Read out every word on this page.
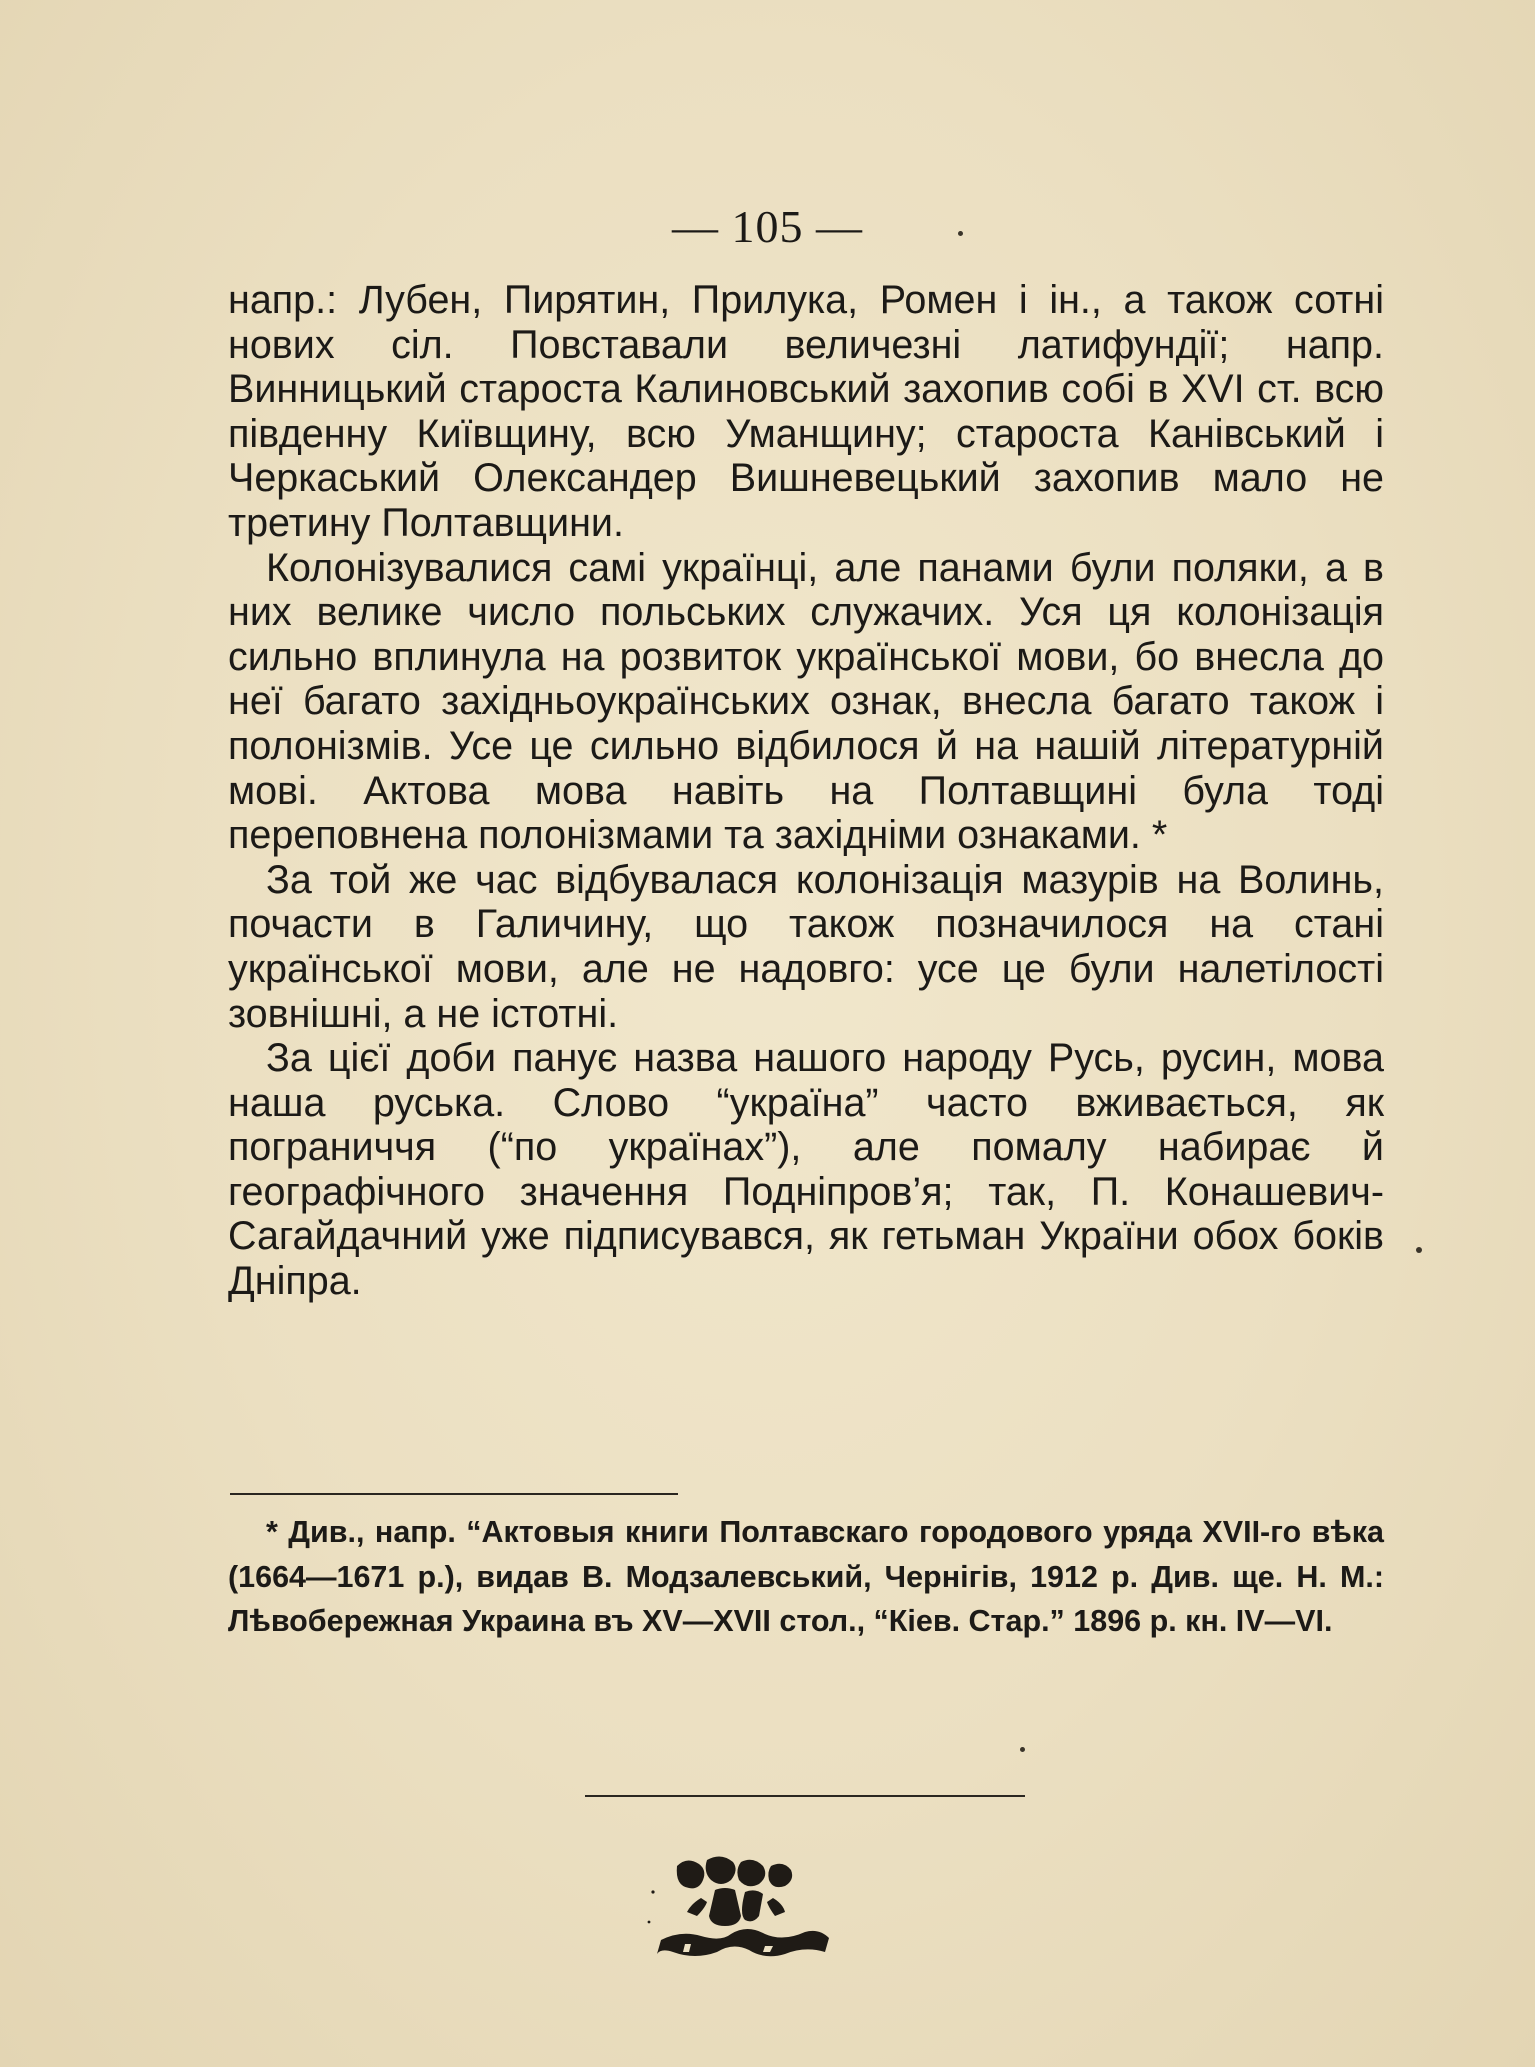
— 105 —

напр.: Лубен, Пирятин, Прилука, Ромен і ін., а також сотні нових сіл. Повставали величезні латифундії; напр. Винницький староста Калиновський захопив собі в XVI ст. всю південну Київщину, всю Уманщину; староста Канівський і Черкаський Олександер Вишневецький захопив мало не третину Полтавщини.

Колонізувалися самі українці, але панами були поляки, а в них велике число польських служачих. Уся ця колонізація сильно вплинула на розвиток української мови, бо внесла до неї багато західньоукраїнських ознак, внесла багато також і полонізмів. Усе це сильно відбилося й на нашій літературній мові. Актова мова навіть на Полтавщині була тоді переповнена полонізмами та західніми ознаками. *

За той же час відбувалася колонізація мазурів на Волинь, почасти в Галичину, що також позначилося на стані української мови, але не надовго: усе це були налетілості зовнішні, а не істотні.

За цієї доби панує назва нашого народу Русь, русин, мова наша руська. Слово “україна” часто вживається, як пограниччя (“по українах”), але помалу набирає й географічного значення Подніпров’я; так, П. Конашевич-Сагайдачний уже підписувався, як гетьман України обох боків Дніпра.

* Див., напр. “Актовыя книги Полтавскаго городового уряда XVII-го вѣка (1664—1671 р.), видав В. Модзалевський, Чернігів, 1912 р. Див. ще. Н. М.: Лѣвобережная Украина въ XV—XVII стол., “Кіев. Стар.” 1896 р. кн. IV—VI.
